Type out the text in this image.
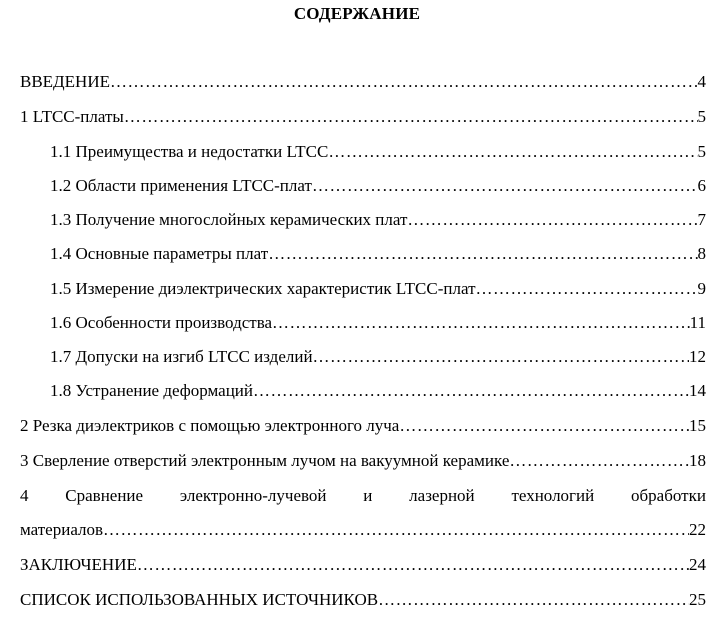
СОДЕРЖАНИЕ
ВВЕДЕНИЕ ……………………………………………………………………………………………………………………………………………………………………………………………………	4
1 LTCC-платы ……………………………………………………………………………………………………………………………………………………………………………………………………	5
1.1 Преимущества и недостатки LTCC ……………………………………………………………………………………………………………………………………………………………………………………………………	5
1.2 Области применения LTCC-плат ……………………………………………………………………………………………………………………………………………………………………………………………………	6
1.3 Получение многослойных керамических плат ……………………………………………………………………………………………………………………………………………………………………………………………………	7
1.4 Основные параметры плат ……………………………………………………………………………………………………………………………………………………………………………………………………	8
1.5 Измерение диэлектрических характеристик LTCC-плат ……………………………………………………………………………………………………………………………………………………………………………………………………	9
1.6 Особенности производства ……………………………………………………………………………………………………………………………………………………………………………………………………	11
1.7 Допуски на изгиб LTCC изделий ……………………………………………………………………………………………………………………………………………………………………………………………………	12
1.8 Устранение деформаций ……………………………………………………………………………………………………………………………………………………………………………………………………	14
2 Резка диэлектриков с помощью электронного луча ……………………………………………………………………………………………………………………………………………………………………………………………………	15
3 Сверление отверстий электронным лучом на вакуумной керамике ……………………………………………………………………………………………………………………………………………………………………………………………………	18
4 Сравнение электронно-лучевой и лазерной технологий обработки
материалов ……………………………………………………………………………………………………………………………………………………………………………………………………	22
ЗАКЛЮЧЕНИЕ ……………………………………………………………………………………………………………………………………………………………………………………………………	24
СПИСОК ИСПОЛЬЗОВАННЫХ ИСТОЧНИКОВ ……………………………………………………………………………………………………………………………………………………………………………………………………	25
